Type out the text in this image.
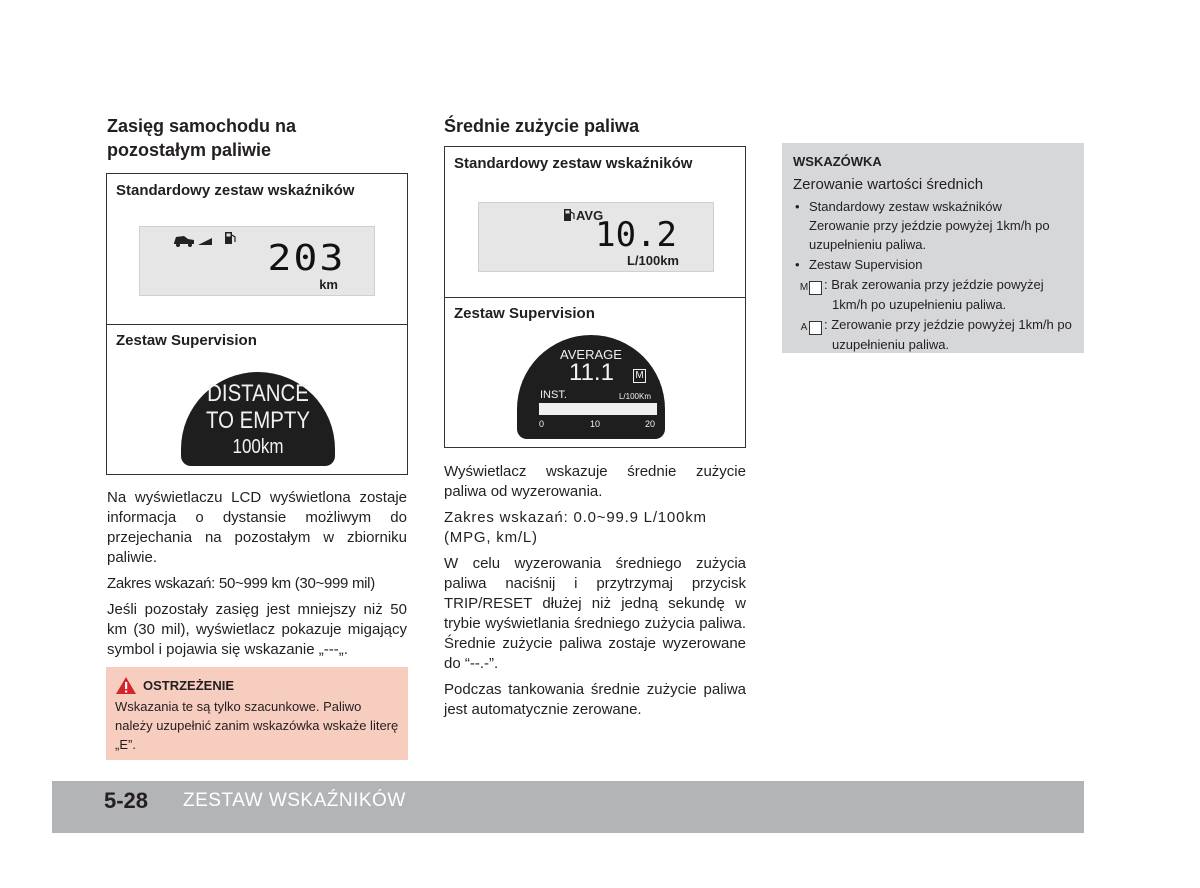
Zasięg samochodu na
pozostałym paliwie
Standardowy zestaw wskaźników
203
km
Zestaw Supervision
DISTANCE
TO EMPTY
100km

Na wyświetlaczu LCD wyświetlona zostaje informacja o dystansie możliwym do przejechania na pozostałym w zbiorniku paliwie.

Zakres wskazań: 50~999 km (30~999 mil)

Jeśli pozostały zasięg jest mniejszy niż 50 km (30 mil), wyświetlacz pokazuje migający symbol i pojawia się wskazanie „---„.

OSTRZEŻENIE
Wskazania te są tylko szacunkowe. Paliwo należy uzupełnić zanim wskazówka wskaże literę „E”.
Średnie zużycie paliwa
Standardowy zestaw wskaźników
AVG
10.2
L/100km
Zestaw Supervision
AVERAGE
11.1 M
INST.	L/100Km
0	10	20

Wyświetlacz wskazuje średnie zużycie paliwa od wyzerowania.

Zakres wskazań: 0.0~99.9 L/100km (MPG, km/L)

W celu wyzerowania średniego zużycia paliwa naciśnij i przytrzymaj przycisk TRIP/RESET dłużej niż jedną sekundę w trybie wyświetlania średniego zużycia paliwa. Średnie zużycie paliwa zostaje wyzerowane do “--.-”.

Podczas tankowania średnie zużycie paliwa jest automatycznie zerowane.

WSKAZÓWKA
Zerowanie wartości średnich
• Standardowy zestaw wskaźników
Zerowanie przy jeździe powyżej 1km/h po uzupełnieniu paliwa.
• Zestaw Supervision
M : Brak zerowania przy jeździe powyżej 1km/h po uzupełnieniu paliwa.
A : Zerowanie przy jeździe powyżej 1km/h po uzupełnieniu paliwa.
5-28 ZESTAW WSKAŹNIKÓW
